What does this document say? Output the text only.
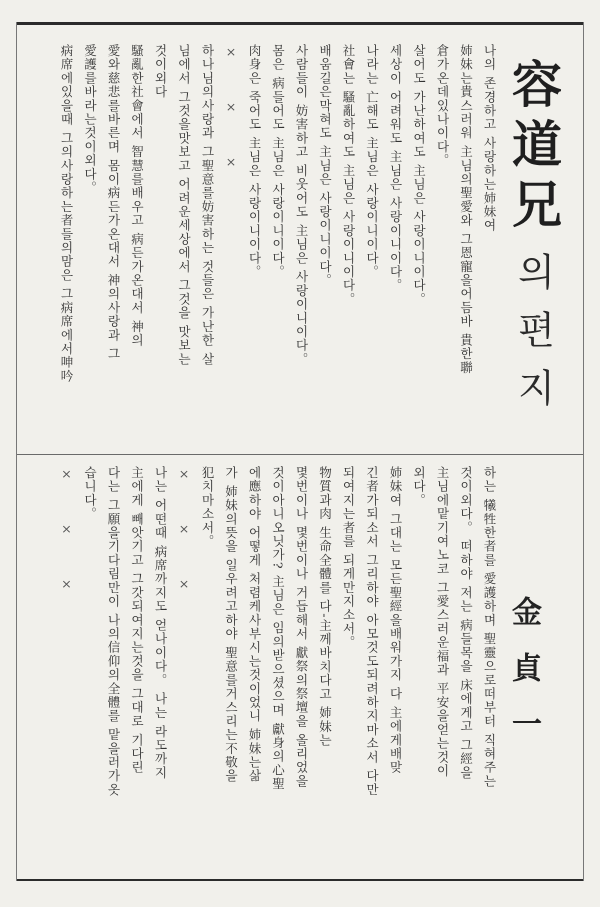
容道兄
의편지
金貞一
나의 존경하고 사랑하는姉妹여
姉妹는貴스러워 主님의聖愛와 그恩寵을어듬바 貴한聯
倉가온데있나이다。
살어도 가난하여도 主님은 사랑이니이다。
세상이 어려워도 主님은 사랑이니이다。
나라는 亡해도 主님은 사랑이니이다。
社會는 騷亂하여도 主님은 사랑이니이다。
배움길은막혀도 主님은 사랑이니이다。
사람들이 妨害하고 비웃어도 主님은 사랑이니이다。
몸은 病들어도 主님은 사랑이니이다。
肉身은 죽어도 主님은 사랑이니이다。
× × ×
하나님의사랑과 그聖意를妨害하는 것들은 가난한 살
님에서 그것을맛보고 어려운세상에서 그것을 맛보는
것이외다
騷亂한社會에서 智慧를배우고 病든가온대서 神의
愛와慈悲를바른며 몸이病든가온대서 神의사랑과 그
愛護를바라는것이외다。
病席에있을때 그의사랑하는者들의맘은 그病席에서呻吟
하는 犧牲한者를 愛護하며 聖靈으로떠부터 직혀주는
것이외다。 떠하야 저는 病들목을 床에게고 그經을
主님에맡기여노코 그愛스러운福과 平安을얻는것이
외다。
姉妹여 그대는 모든聖經을배워가지 다 主에게배맞
긴者가되소서 그리하야 아모것도되려하지마소서 다만
되여지는者를 되게만지소서。
物質과肉 生命全體를 다-主께바치다고 姉妹는
몇번이나 몇번이나 거듭해서 獻祭의祭壇을 올리었을
것이아니오닛가? 主님은 임의받으셨으며 獻身의心聖
에應하야 어떻게 처렴케사부시는것이었니 姉妹는삶
가 姉妹의뜻을 일우려고하야 聖意를거스리는不敬을
犯치마소서。
× × ×
나는 어떤때 病席까지도 얻나이다。 나는 라도까지
主에게 빼앗기고 그갓되여지는것을 그대로 기다린
다는 그願을기다림만이 나의信仰의全體를 맡을러가옷
습니다。
× × ×
